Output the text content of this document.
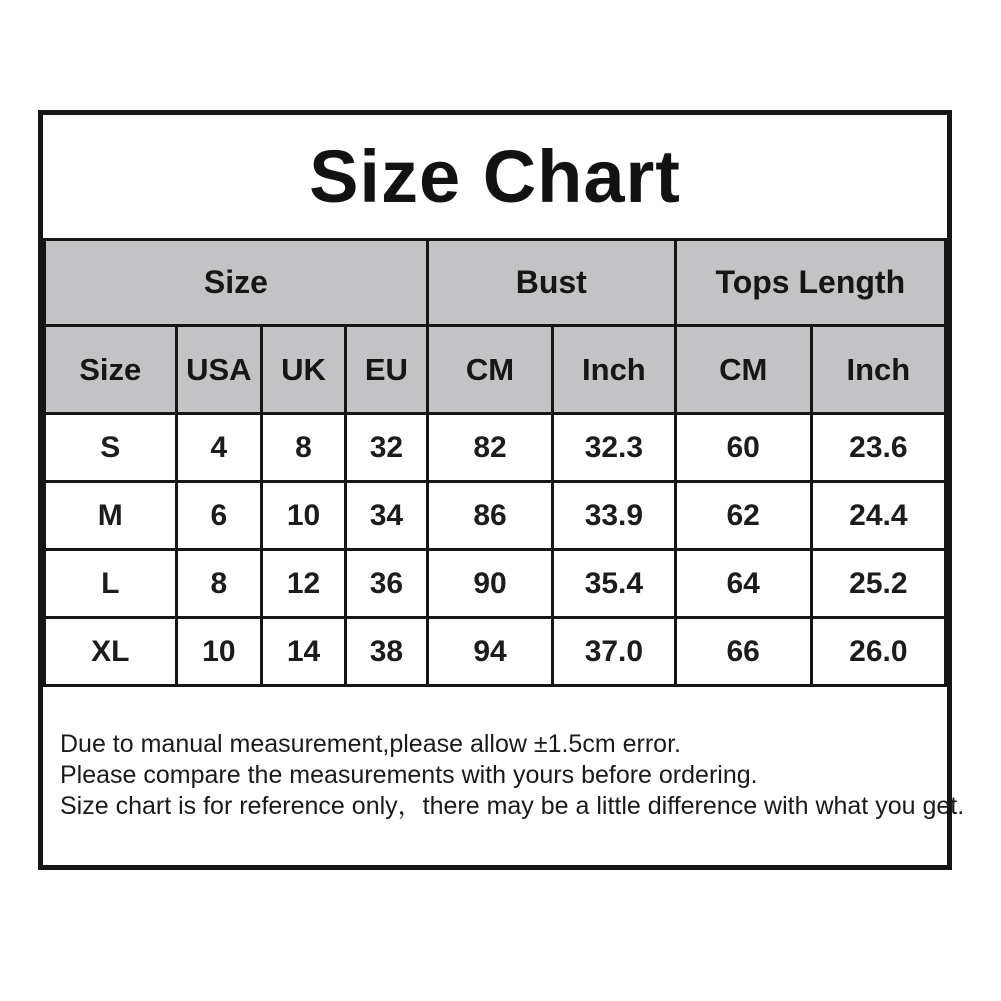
Size Chart
Size				Bust		Tops Length	
Size	USA	UK	EU	CM	Inch	CM	Inch
S	4	8	32	82	32.3	60	23.6
M	6	10	34	86	33.9	62	24.4
L	8	12	36	90	35.4	64	25.2
XL	10	14	38	94	37.0	66	26.0

Due to manual measurement,please allow ±1.5cm error.

Please compare the measurements with yours before ordering.

Size chart is for reference only，there may be a little difference with what you get.
